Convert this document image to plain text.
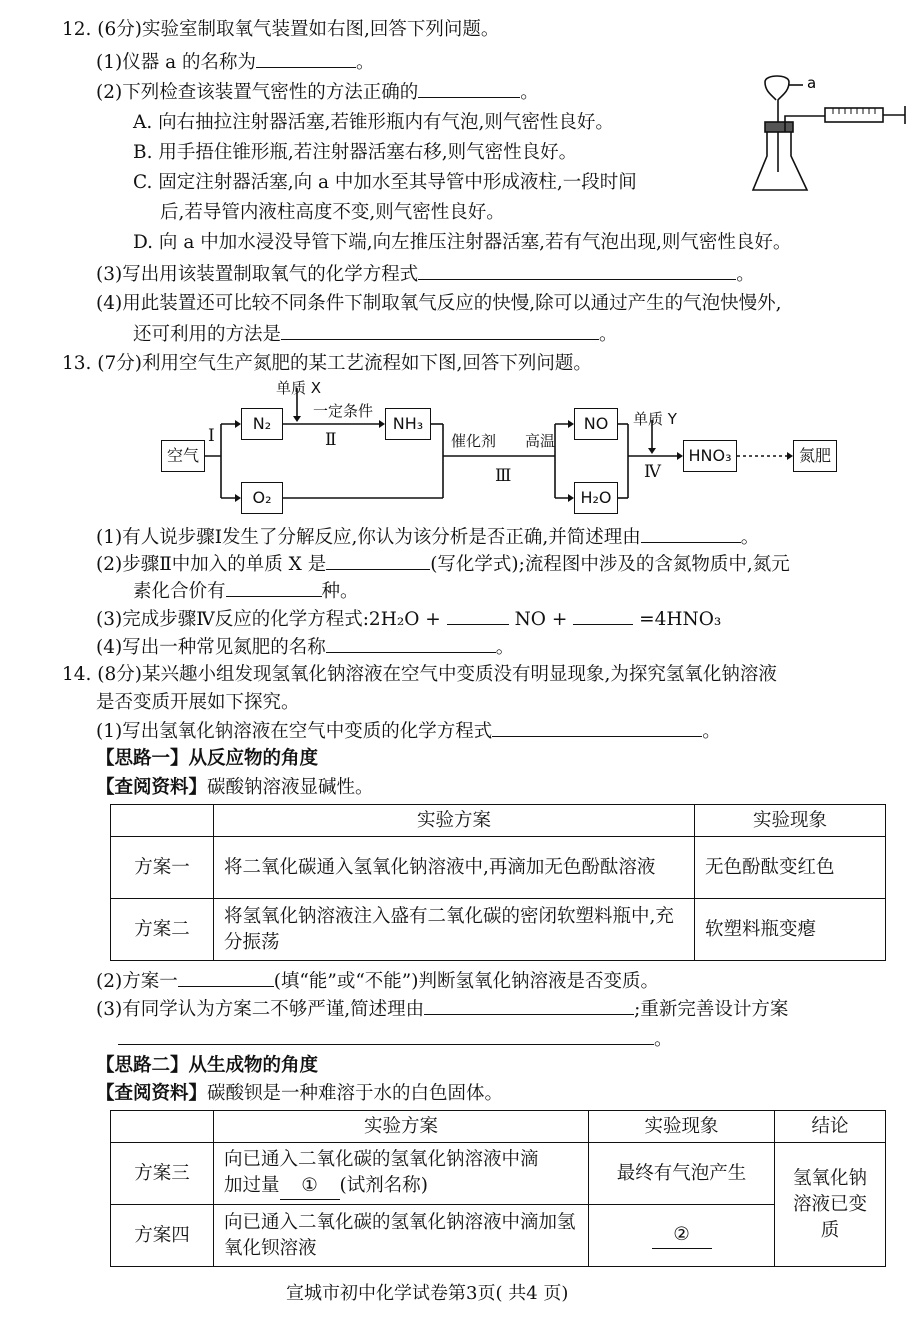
12. (6分)实验室制取氧气装置如右图,回答下列问题。
(1)仪器 a 的名称为	。
(2)下列检查该装置气密性的方法正确的	。
A. 向右抽拉注射器活塞,若锥形瓶内有气泡,则气密性良好。
B. 用手捂住锥形瓶,若注射器活塞右移,则气密性良好。
C. 固定注射器活塞,向 a 中加水至其导管中形成液柱,一段时间
后,若导管内液柱高度不变,则气密性良好。
D. 向 a 中加水浸没导管下端,向左推压注射器活塞,若有气泡出现,则气密性良好。
(3)写出用该装置制取氧气的化学方程式	。
(4)用此装置还可比较不同条件下制取氧气反应的快慢,除可以通过产生的气泡快慢外,
还可利用的方法是	。
a
13. (7分)利用空气生产氮肥的某工艺流程如下图,回答下列问题。
空气
N₂
O₂
NH₃	NO
H₂O
HNO₃	氮肥
单质 X
一定条件
Ⅰ	Ⅱ	催化剂 高温
Ⅲ
单质 Y
Ⅳ
(1)有人说步骤Ⅰ发生了分解反应,你认为该分析是否正确,并简述理由	。
(2)步骤Ⅱ中加入的单质 X 是	(写化学式);流程图中涉及的含氮物质中,氮元
素化合价有	种。
(3)完成步骤Ⅳ反应的化学方程式:2H₂O +	NO +	=4HNO₃
(4)写出一种常见氮肥的名称	。
14. (8分)某兴趣小组发现氢氧化钠溶液在空气中变质没有明显现象,为探究氢氧化钠溶液
是否变质开展如下探究。
(1)写出氢氧化钠溶液在空气中变质的化学方程式	。
【思路一】从反应物的角度
【查阅资料】碳酸钠溶液显碱性。
	实验方案	实验现象
方案一	将二氧化碳通入氢氧化钠溶液中,再滴加无色酚酞溶液	无色酚酞变红色
方案二	将氢氧化钠溶液注入盛有二氧化碳的密闭软塑料瓶中,充分振荡	软塑料瓶变瘪
(2)方案一	(填“能”或“不能”)判断氢氧化钠溶液是否变质。
(3)有同学认为方案二不够严谨,简述理由	;重新完善设计方案
。
【思路二】从生成物的角度
【查阅资料】碳酸钡是一种难溶于水的白色固体。
	实验方案	实验现象	结论
方案三	向已通入二氧化碳的氢氧化钠溶液中滴
加过量 ① (试剂名称)	最终有气泡产生	氢氧化钠溶液已变质
方案四	向已通入二氧化碳的氢氧化钠溶液中滴加氢氧化钡溶液	②	
宣城市初中化学试卷第3页( 共4 页)
